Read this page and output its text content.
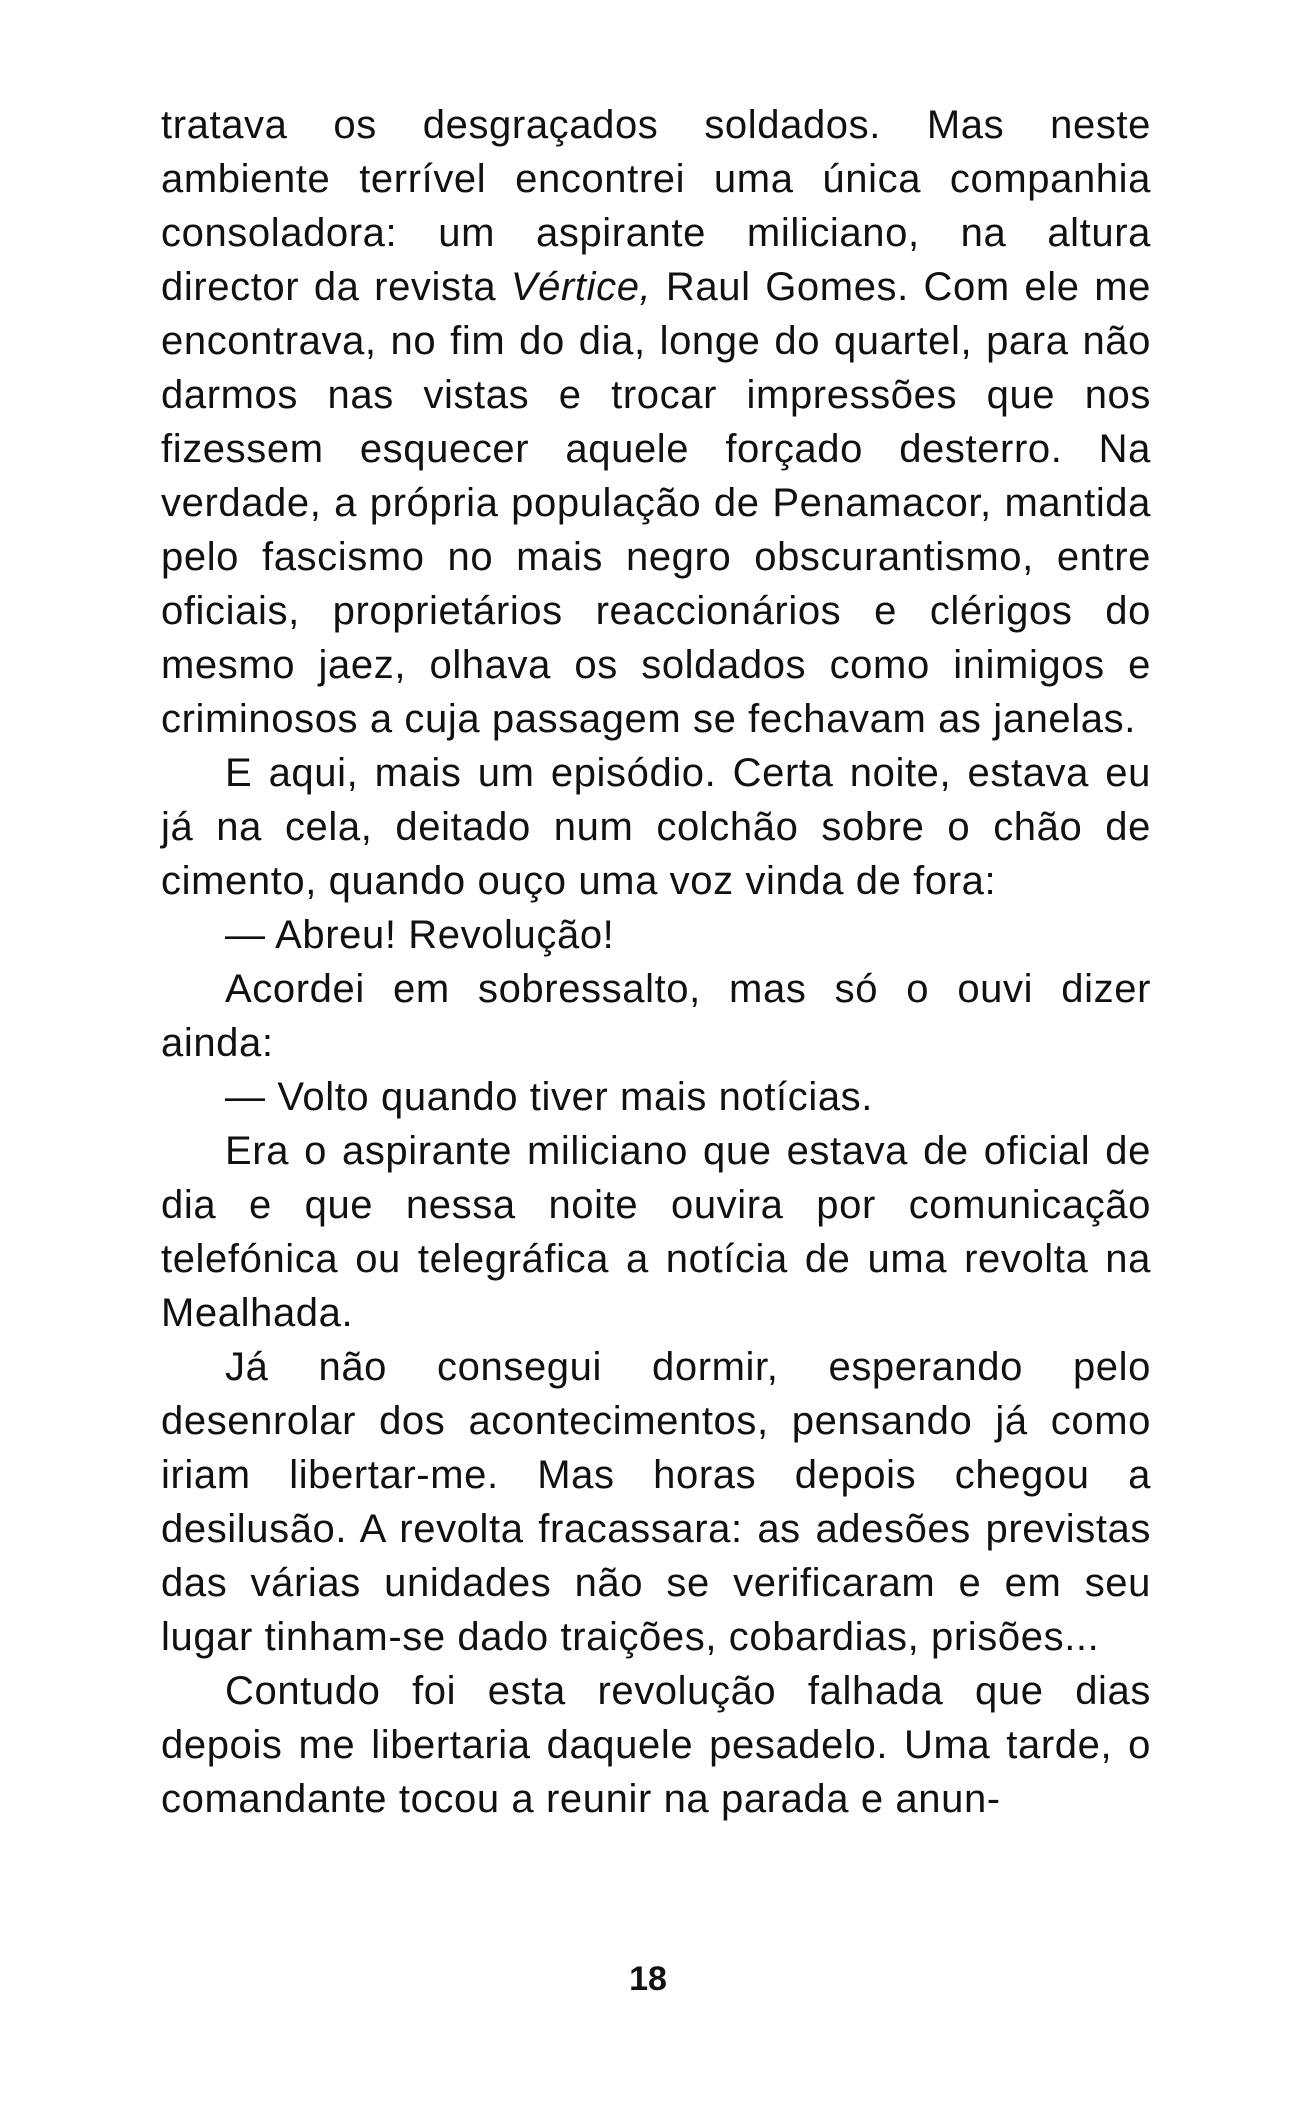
tratava os desgraçados soldados. Mas neste ambiente terrível encontrei uma única companhia consoladora: um aspirante miliciano, na altura director da revista Vértice, Raul Gomes. Com ele me encontrava, no fim do dia, longe do quartel, para não darmos nas vistas e trocar impressões que nos fizessem esquecer aquele forçado desterro. Na verdade, a própria população de Penamacor, mantida pelo fascismo no mais negro obscurantismo, entre oficiais, proprietários reaccionários e clérigos do mesmo jaez, olhava os soldados como inimigos e criminosos a cuja passagem se fechavam as janelas.

E aqui, mais um episódio. Certa noite, estava eu já na cela, deitado num colchão sobre o chão de cimento, quando ouço uma voz vinda de fora:

— Abreu! Revolução!

Acordei em sobressalto, mas só o ouvi dizer ainda:

— Volto quando tiver mais notícias.

Era o aspirante miliciano que estava de oficial de dia e que nessa noite ouvira por comunicação telefónica ou telegráfica a notícia de uma revolta na Mealhada.

Já não consegui dormir, esperando pelo desenrolar dos acontecimentos, pensando já como iriam libertar-me. Mas horas depois chegou a desilusão. A revolta fracassara: as adesões previstas das várias unidades não se verificaram e em seu lugar tinham-se dado traições, cobardias, prisões...

Contudo foi esta revolução falhada que dias depois me libertaria daquele pesadelo. Uma tarde, o comandante tocou a reunir na parada e anun-

18
